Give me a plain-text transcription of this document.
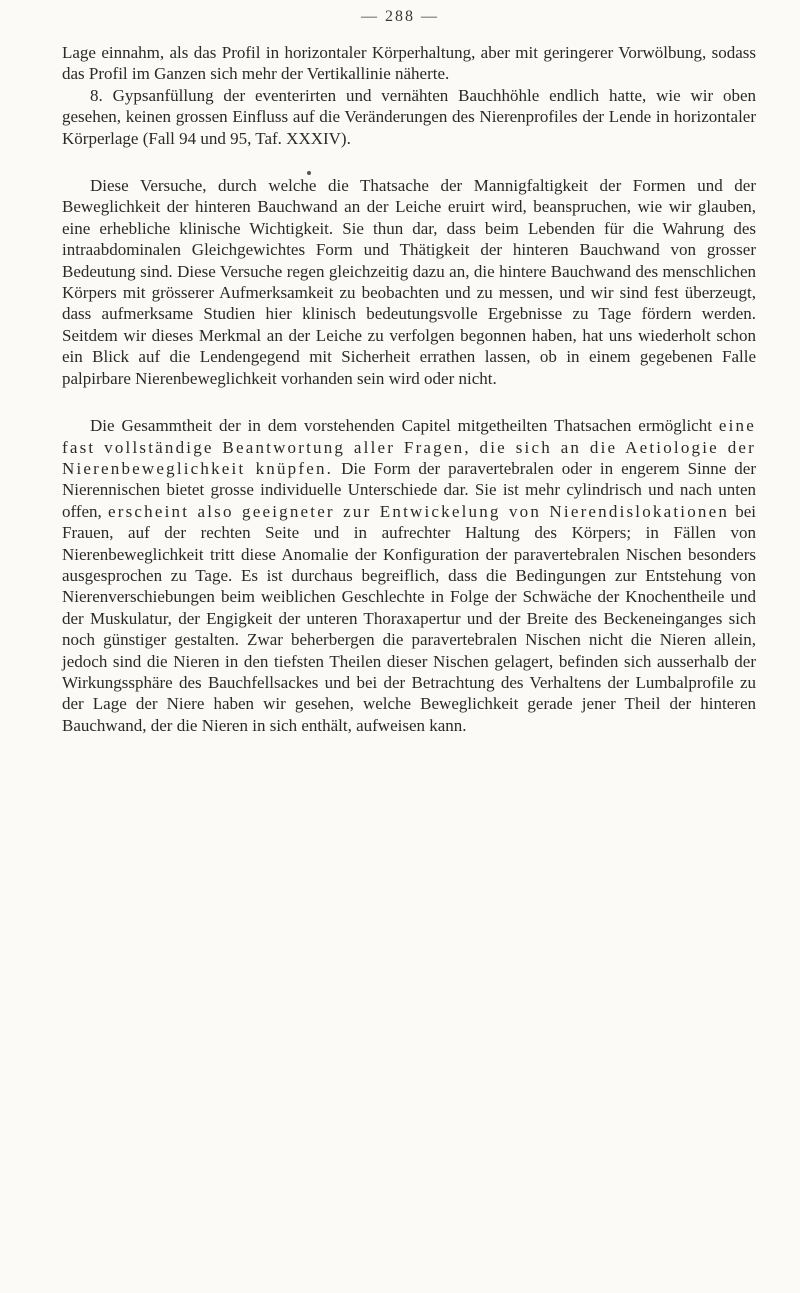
— 288 —

Lage einnahm, als das Profil in horizontaler Körperhaltung, aber mit geringerer Vorwölbung, sodass das Profil im Ganzen sich mehr der Vertikallinie näherte.

8. Gypsanfüllung der eventerirten und vernähten Bauchhöhle endlich hatte, wie wir oben gesehen, keinen grossen Einfluss auf die Veränderungen des Nierenprofiles der Lende in horizontaler Körperlage (Fall 94 und 95, Taf. XXXIV).

Diese Versuche, durch welche die Thatsache der Mannigfaltigkeit der Formen und der Beweglichkeit der hinteren Bauchwand an der Leiche eruirt wird, beanspruchen, wie wir glauben, eine erhebliche klinische Wichtigkeit. Sie thun dar, dass beim Lebenden für die Wahrung des intraabdominalen Gleichgewichtes Form und Thätigkeit der hinteren Bauchwand von grosser Bedeutung sind. Diese Versuche regen gleichzeitig dazu an, die hintere Bauchwand des menschlichen Körpers mit grösserer Aufmerksamkeit zu beobachten und zu messen, und wir sind fest überzeugt, dass aufmerksame Studien hier klinisch bedeutungsvolle Ergebnisse zu Tage fördern werden. Seitdem wir dieses Merkmal an der Leiche zu verfolgen begonnen haben, hat uns wiederholt schon ein Blick auf die Lendengegend mit Sicherheit errathen lassen, ob in einem gegebenen Falle palpirbare Nierenbeweglichkeit vorhanden sein wird oder nicht.

Die Gesammtheit der in dem vorstehenden Capitel mitgetheilten Thatsachen ermöglicht eine fast vollständige Beantwortung aller Fragen, die sich an die Aetiologie der Nierenbeweglichkeit knüpfen. Die Form der paravertebralen oder in engerem Sinne der Nierennischen bietet grosse individuelle Unterschiede dar. Sie ist mehr cylindrisch und nach unten offen, erscheint also geeigneter zur Entwickelung von Nierendislokationen bei Frauen, auf der rechten Seite und in aufrechter Haltung des Körpers; in Fällen von Nierenbeweglichkeit tritt diese Anomalie der Konfiguration der paravertebralen Nischen besonders ausgesprochen zu Tage. Es ist durchaus begreiflich, dass die Bedingungen zur Entstehung von Nierenverschiebungen beim weiblichen Geschlechte in Folge der Schwäche der Knochentheile und der Muskulatur, der Engigkeit der unteren Thoraxapertur und der Breite des Beckeneinganges sich noch günstiger gestalten. Zwar beherbergen die paravertebralen Nischen nicht die Nieren allein, jedoch sind die Nieren in den tiefsten Theilen dieser Nischen gelagert, befinden sich ausserhalb der Wirkungssphäre des Bauchfellsackes und bei der Betrachtung des Verhaltens der Lumbalprofile zu der Lage der Niere haben wir gesehen, welche Beweglichkeit gerade jener Theil der hinteren Bauchwand, der die Nieren in sich enthält, aufweisen kann.
